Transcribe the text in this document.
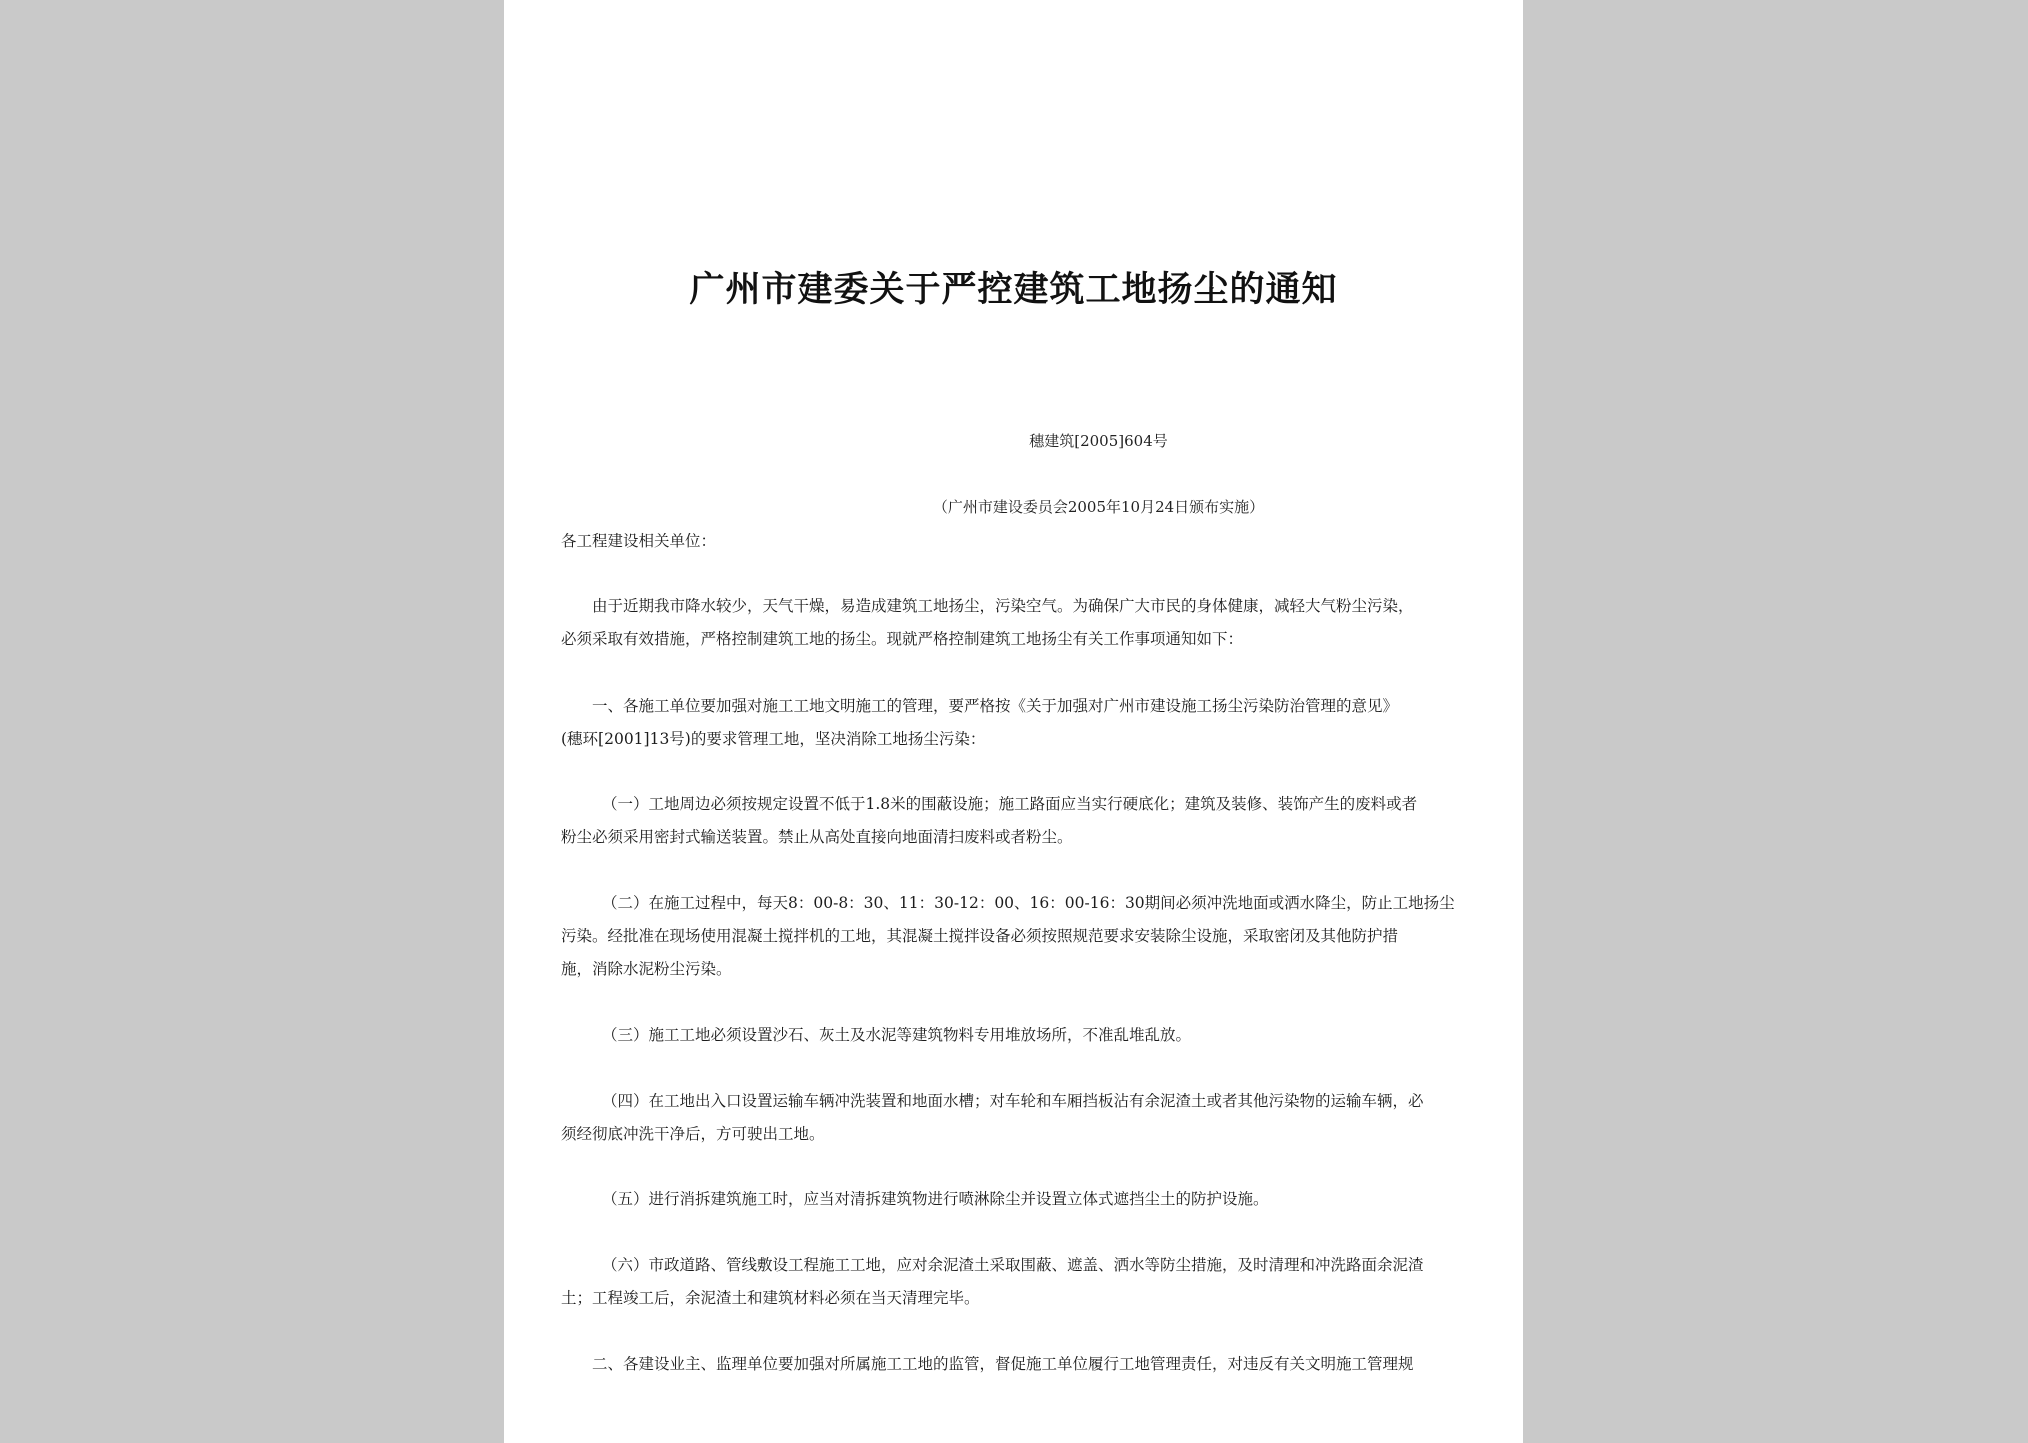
广州市建委关于严控建筑工地扬尘的通知
穗建筑[2005]604号
（广州市建设委员会2005年10月24日颁布实施）
各工程建设相关单位：
由于近期我市降水较少，天气干燥，易造成建筑工地扬尘，污染空气。为确保广大市民的身体健康，减轻大气粉尘污染，
必须采取有效措施，严格控制建筑工地的扬尘。现就严格控制建筑工地扬尘有关工作事项通知如下：
一、各施工单位要加强对施工工地文明施工的管理，要严格按《关于加强对广州市建设施工扬尘污染防治管理的意见》
(穗环[2001]13号)的要求管理工地，坚决消除工地扬尘污染：
（一）工地周边必须按规定设置不低于1.8米的围蔽设施；施工路面应当实行硬底化；建筑及装修、装饰产生的废料或者
粉尘必须采用密封式输送装置。禁止从高处直接向地面清扫废料或者粉尘。
（二）在施工过程中，每天8：00-8：30、11：30-12：00、16：00-16：30期间必须冲洗地面或洒水降尘，防止工地扬尘
污染。经批准在现场使用混凝土搅拌机的工地，其混凝土搅拌设备必须按照规范要求安装除尘设施，采取密闭及其他防护措
施，消除水泥粉尘污染。
（三）施工工地必须设置沙石、灰土及水泥等建筑物料专用堆放场所，不准乱堆乱放。
（四）在工地出入口设置运输车辆冲洗装置和地面水槽；对车轮和车厢挡板沾有余泥渣土或者其他污染物的运输车辆，必
须经彻底冲洗干净后，方可驶出工地。
（五）进行消拆建筑施工时，应当对清拆建筑物进行喷淋除尘并设置立体式遮挡尘土的防护设施。
（六）市政道路、管线敷设工程施工工地，应对余泥渣土采取围蔽、遮盖、洒水等防尘措施，及时清理和冲洗路面余泥渣
土；工程竣工后，余泥渣土和建筑材料必须在当天清理完毕。
二、各建设业主、监理单位要加强对所属施工工地的监管，督促施工单位履行工地管理责任，对违反有关文明施工管理规
